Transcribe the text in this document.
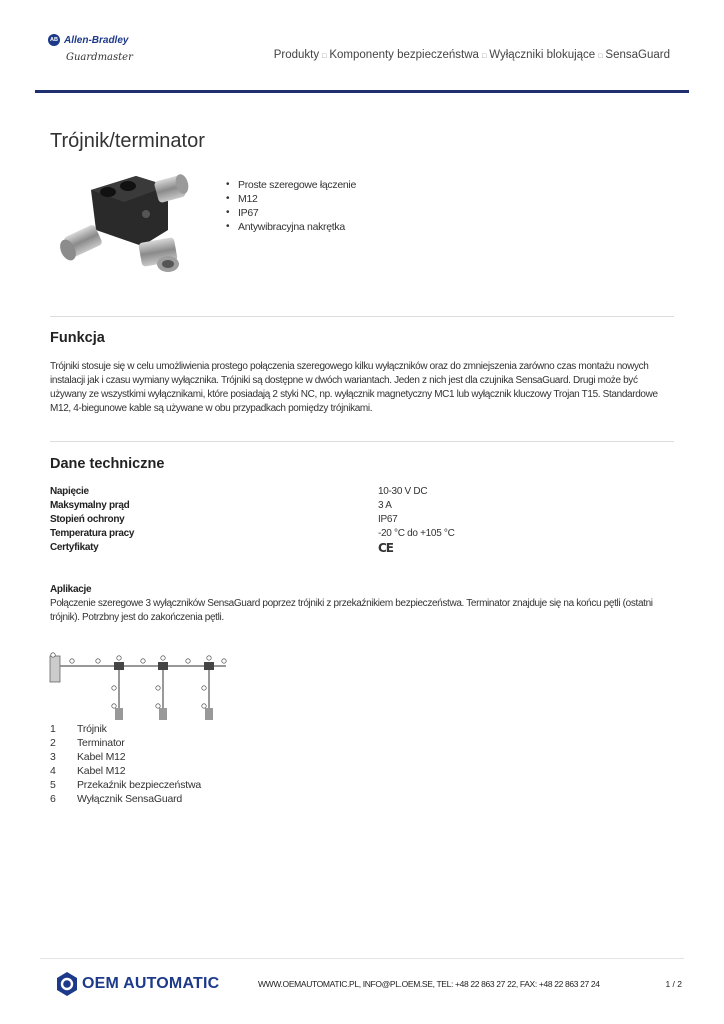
AB Allen-Bradley
Guardmaster	Produkty □ Komponenty bezpieczeństwa □ Wyłączniki blokujące □ SensaGuard
Trójnik/terminator
• Proste szeregowe łączenie
• M12
• IP67
• Antywibracyjna nakrętka
Funkcja
Trójniki stosuje się w celu umożliwienia prostego połączenia szeregowego kilku wyłączników oraz do zmniejszenia zarówno czas montażu nowych
instalacji jak i czasu wymiany wyłącznika. Trójniki są dostępne w dwóch wariantach. Jeden z nich jest dla czujnika SensaGuard. Drugi może być
używany ze wszystkimi wyłącznikami, które posiadają 2 styki NC, np. wyłącznik magnetyczny MC1 lub wyłącznik kluczowy Trojan T15. Standardowe
M12, 4-biegunowe kable są używane w obu przypadkach pomiędzy trójnikami.
Dane techniczne
Napięcie	10-30 V DC
Maksymalny prąd	3 A
Stopień ochrony	IP67
Temperatura pracy	-20 °C do +105 °C
Certyfikaty	CE
Aplikacje
Połączenie szeregowe 3 wyłączników SensaGuard poprzez trójniki z przekaźnikiem bezpieczeństwa. Terminator znajduje się na końcu pętli (ostatni
trójnik). Potrzbny jest do zakończenia pętli.
1 Trójnik
2 Terminator
3 Kabel M12
4 Kabel M12
5 Przekaźnik bezpieczeństwa
6 Wyłącznik SensaGuard
OEM AUTOMATIC	WWW.OEMAUTOMATIC.PL, INFO@PL.OEM.SE, TEL: +48 22 863 27 22, FAX: +48 22 863 27 24	1 / 2
